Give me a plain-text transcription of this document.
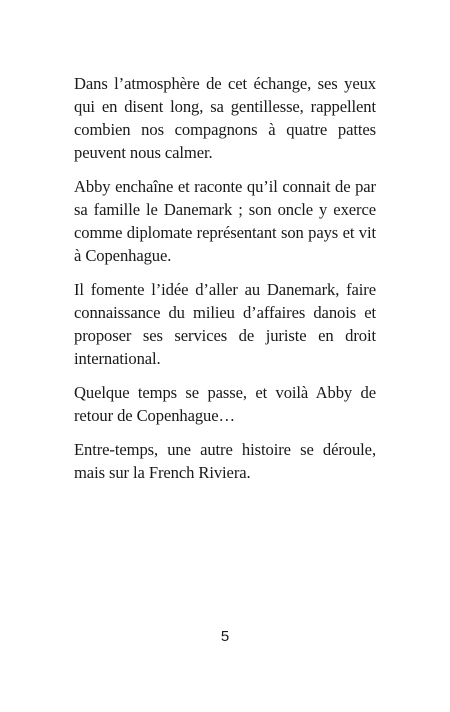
Dans l’atmosphère de cet échange, ses yeux qui en disent long, sa gentillesse, rappellent combien nos compagnons à quatre pattes peuvent nous calmer.

Abby enchaîne et raconte qu’il connait de par sa famille le Danemark ; son oncle y exerce comme diplomate représentant son pays et vit à Copenhague.

Il fomente l’idée d’aller au Danemark, faire connaissance du milieu d’affaires danois et proposer ses services de juriste en droit international.

Quelque temps se passe, et voilà Abby de retour de Copenhague…

Entre-temps, une autre histoire se déroule, mais sur la French Riviera.

5
